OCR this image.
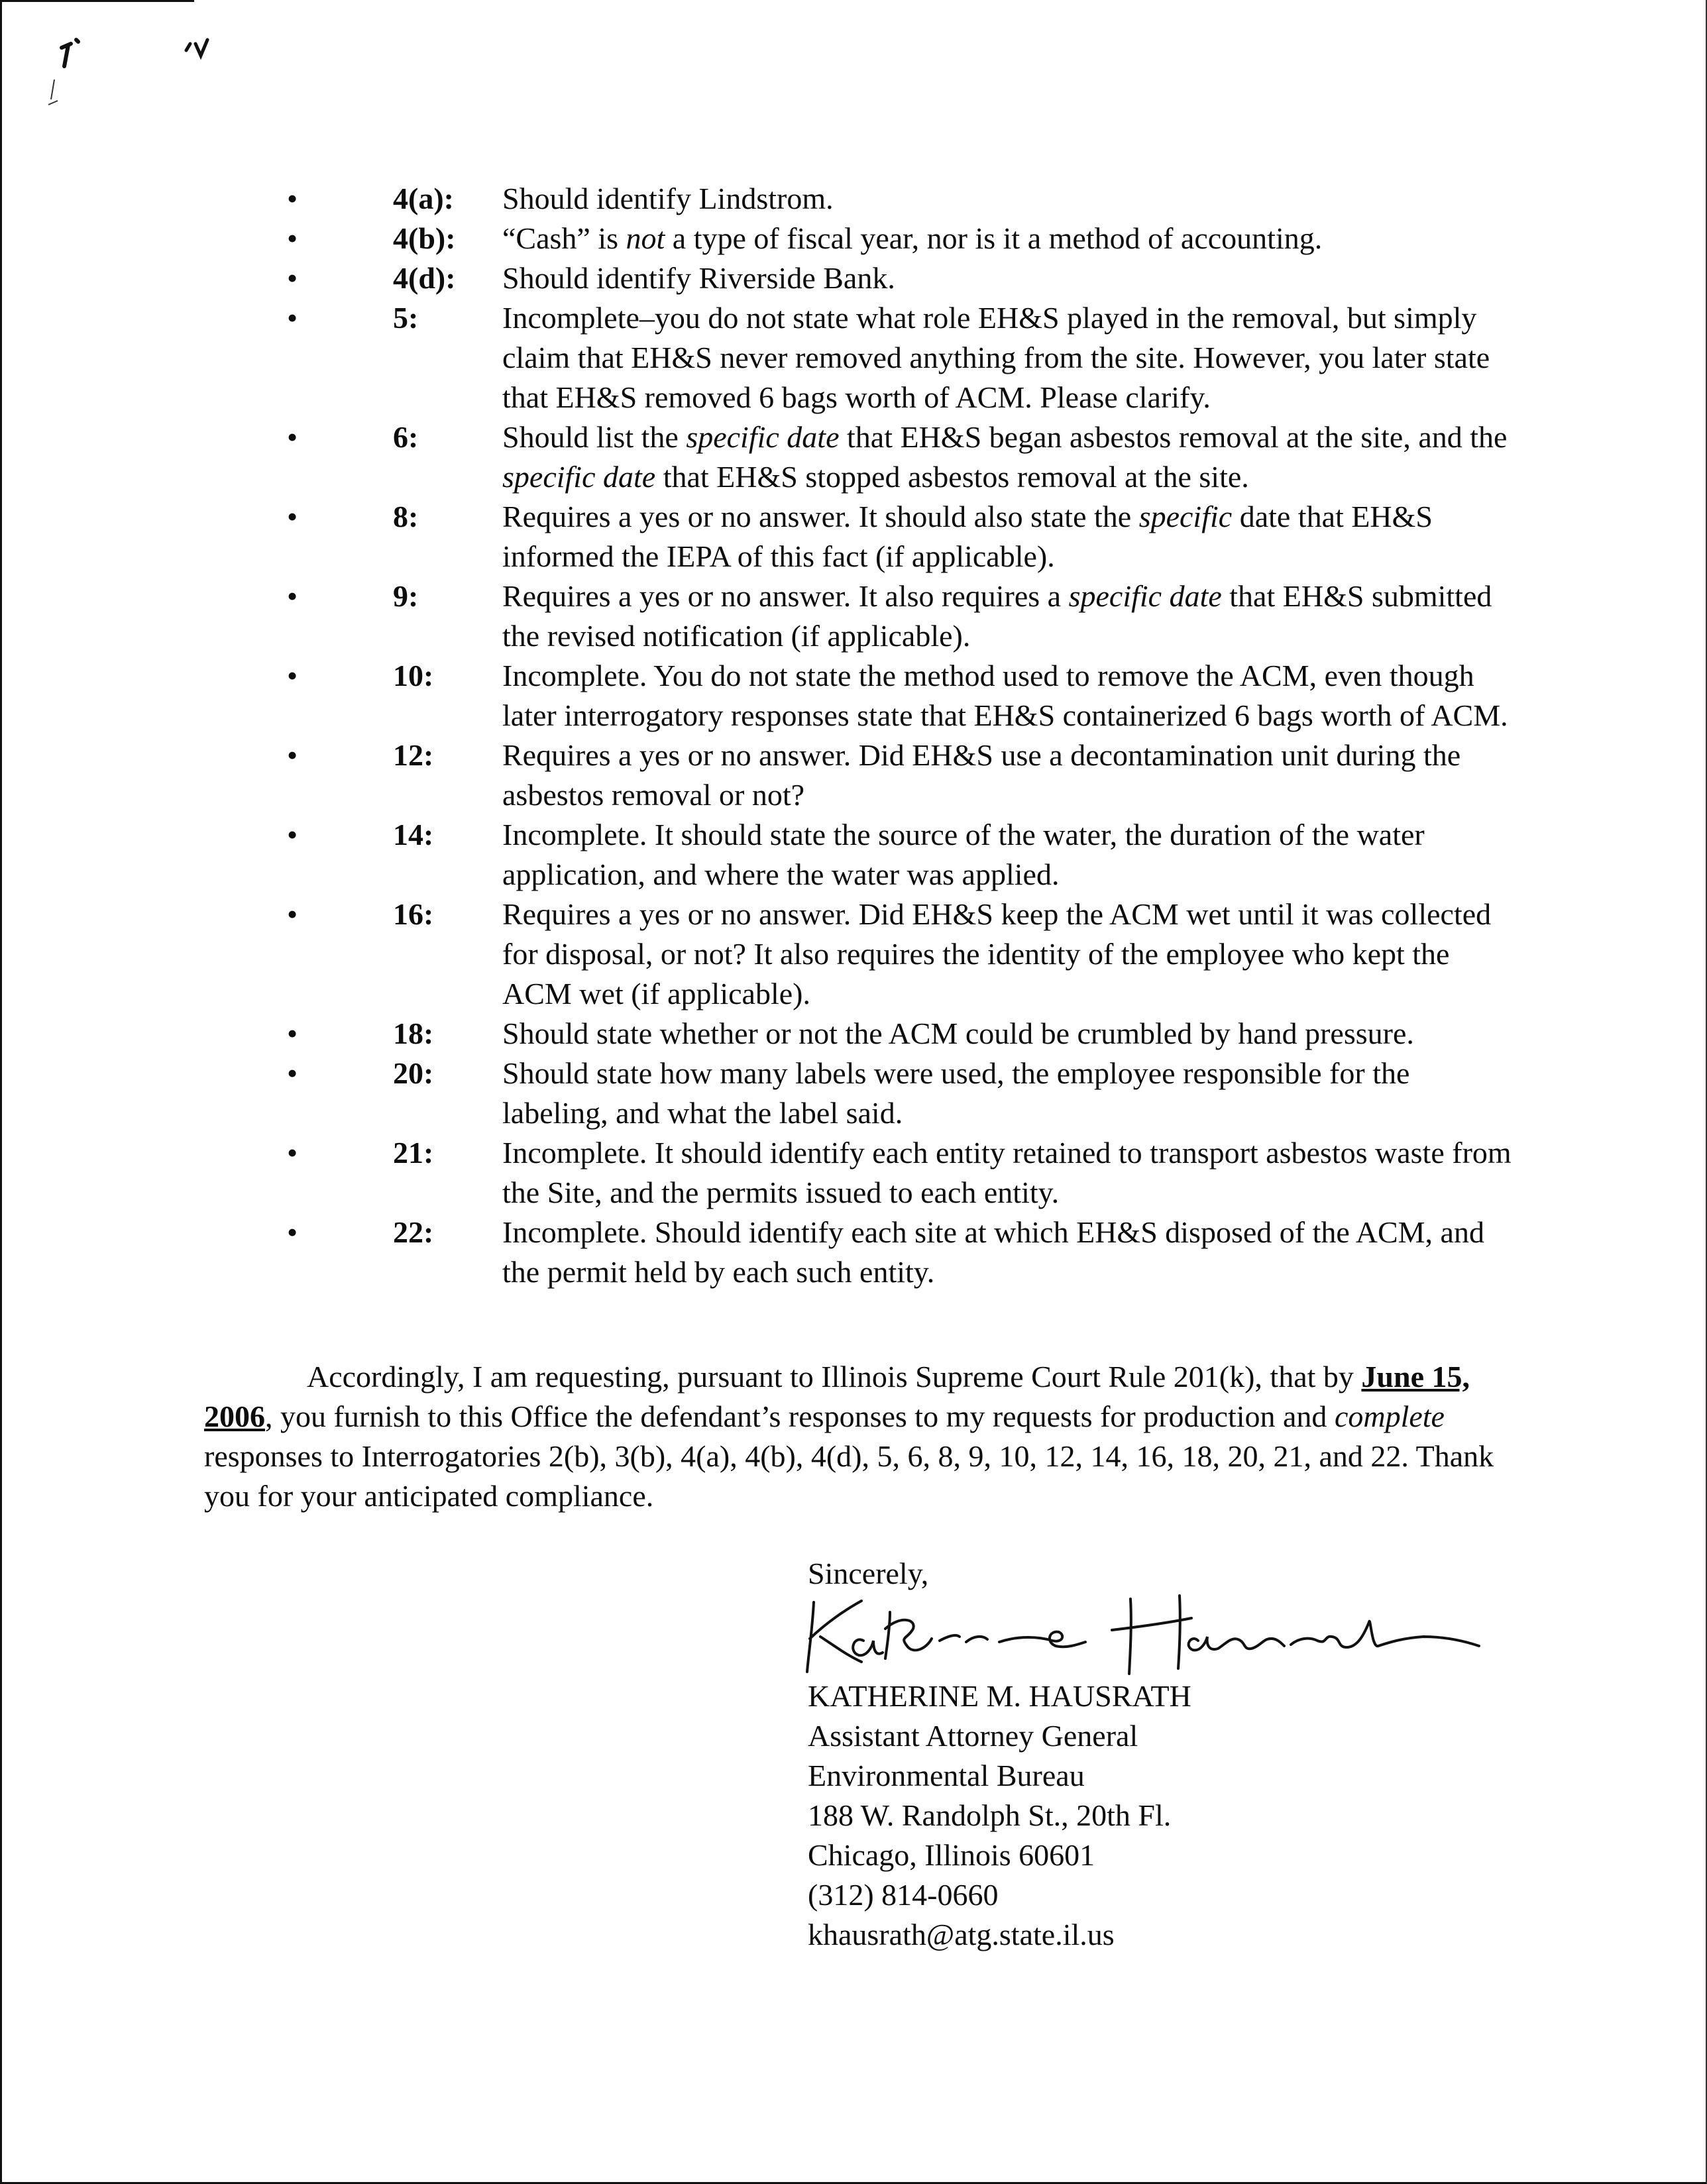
•	4(a):	Should identify Lindstrom.
•	4(b):	“Cash” is not a type of fiscal year, nor is it a method of accounting.
•	4(d):	Should identify Riverside Bank.
•	5:	Incomplete–you do not state what role EH&S played in the removal, but simply claim that EH&S never removed anything from the site. However, you later state that EH&S removed 6 bags worth of ACM. Please clarify.
•	6:	Should list the specific date that EH&S began asbestos removal at the site, and the specific date that EH&S stopped asbestos removal at the site.
•	8:	Requires a yes or no answer. It should also state the specific date that EH&S informed the IEPA of this fact (if applicable).
•	9:	Requires a yes or no answer. It also requires a specific date that EH&S submitted the revised notification (if applicable).
•	10:	Incomplete. You do not state the method used to remove the ACM, even though later interrogatory responses state that EH&S containerized 6 bags worth of ACM.
•	12:	Requires a yes or no answer. Did EH&S use a decontamination unit during the asbestos removal or not?
•	14:	Incomplete. It should state the source of the water, the duration of the water application, and where the water was applied.
•	16:	Requires a yes or no answer. Did EH&S keep the ACM wet until it was collected for disposal, or not? It also requires the identity of the employee who kept the ACM wet (if applicable).
•	18:	Should state whether or not the ACM could be crumbled by hand pressure.
•	20:	Should state how many labels were used, the employee responsible for the labeling, and what the label said.
•	21:	Incomplete. It should identify each entity retained to transport asbestos waste from the Site, and the permits issued to each entity.
•	22:	Incomplete. Should identify each site at which EH&S disposed of the ACM, and the permit held by each such entity.

Accordingly, I am requesting, pursuant to Illinois Supreme Court Rule 201(k), that by June 15, 2006, you furnish to this Office the defendant’s responses to my requests for production and complete responses to Interrogatories 2(b), 3(b), 4(a), 4(b), 4(d), 5, 6, 8, 9, 10, 12, 14, 16, 18, 20, 21, and 22. Thank you for your anticipated compliance.

Sincerely,
KATHERINE M. HAUSRATH
Assistant Attorney General
Environmental Bureau
188 W. Randolph St., 20th Fl.
Chicago, Illinois 60601
(312) 814-0660
khausrath@atg.state.il.us
